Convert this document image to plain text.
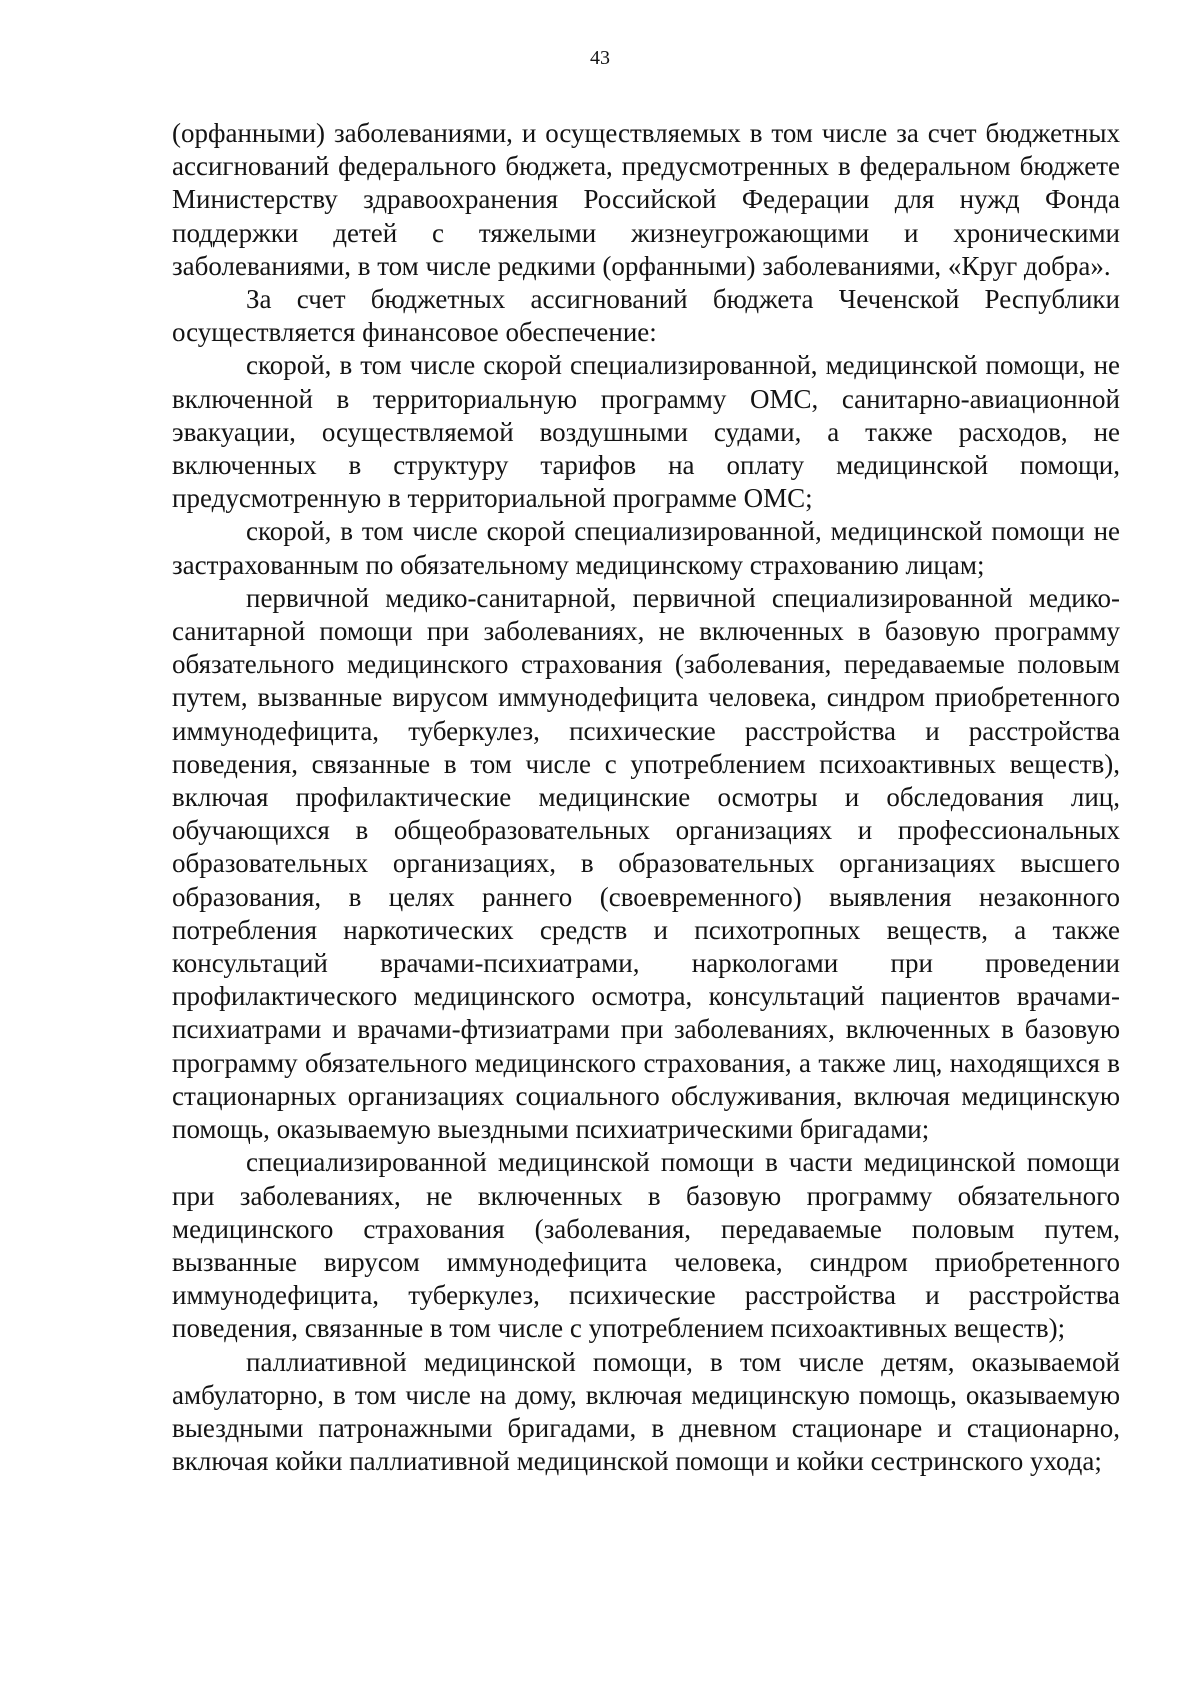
43

(орфанными) заболеваниями, и осуществляемых в том числе за счет бюджетных ассигнований федерального бюджета, предусмотренных в федеральном бюджете Министерству здравоохранения Российской Федерации для нужд Фонда поддержки детей с тяжелыми жизнеугрожающими и хроническими заболеваниями, в том числе редкими (орфанными) заболеваниями, «Круг добра».

За счет бюджетных ассигнований бюджета Чеченской Республики осуществляется финансовое обеспечение:

скорой, в том числе скорой специализированной, медицинской помощи, не включенной в территориальную программу ОМС, санитарно-авиационной эвакуации, осуществляемой воздушными судами, а также расходов, не включенных в структуру тарифов на оплату медицинской помощи, предусмотренную в территориальной программе ОМС;

скорой, в том числе скорой специализированной, медицинской помощи не застрахованным по обязательному медицинскому страхованию лицам;

первичной медико-санитарной, первичной специализированной медико-санитарной помощи при заболеваниях, не включенных в базовую программу обязательного медицинского страхования (заболевания, передаваемые половым путем, вызванные вирусом иммунодефицита человека, синдром приобретенного иммунодефицита, туберкулез, психические расстройства и расстройства поведения, связанные в том числе с употреблением психоактивных веществ), включая профилактические медицинские осмотры и обследования лиц, обучающихся в общеобразовательных организациях и профессиональных образовательных организациях, в образовательных организациях высшего образования, в целях раннего (своевременного) выявления незаконного потребления наркотических средств и психотропных веществ, а также консультаций врачами-психиатрами, наркологами при проведении профилактического медицинского осмотра, консультаций пациентов врачами-психиатрами и врачами-фтизиатрами при заболеваниях, включенных в базовую программу обязательного медицинского страхования, а также лиц, находящихся в стационарных организациях социального обслуживания, включая медицинскую помощь, оказываемую выездными психиатрическими бригадами;

специализированной медицинской помощи в части медицинской помощи при заболеваниях, не включенных в базовую программу обязательного медицинского страхования (заболевания, передаваемые половым путем, вызванные вирусом иммунодефицита человека, синдром приобретенного иммунодефицита, туберкулез, психические расстройства и расстройства поведения, связанные в том числе с употреблением психоактивных веществ);

паллиативной медицинской помощи, в том числе детям, оказываемой амбулаторно, в том числе на дому, включая медицинскую помощь, оказываемую выездными патронажными бригадами, в дневном стационаре и стационарно, включая койки паллиативной медицинской помощи и койки сестринского ухода;
